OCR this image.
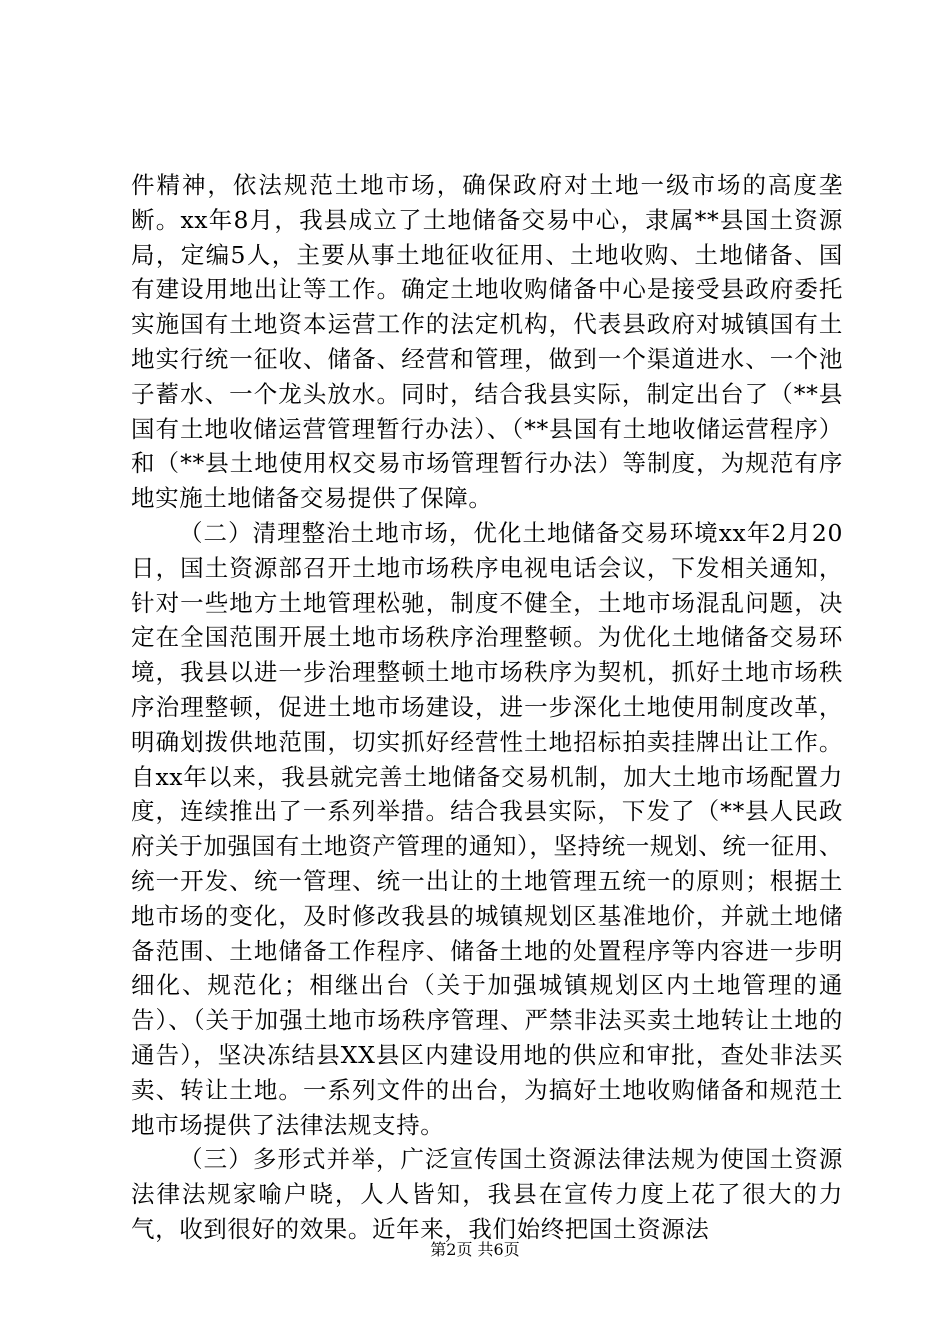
件精神，依法规范土地市场，确保政府对土地一级市场的高度垄断。xx年8月，我县成立了土地储备交易中心，隶属**县国土资源局，定编5人，主要从事土地征收征用、土地收购、土地储备、国有建设用地出让等工作。确定土地收购储备中心是接受县政府委托实施国有土地资本运营工作的法定机构，代表县政府对城镇国有土地实行统一征收、储备、经营和管理，做到一个渠道进水、一个池子蓄水、一个龙头放水。同时，结合我县实际，制定出台了（**县国有土地收储运营管理暂行办法）、（**县国有土地收储运营程序）和（**县土地使用权交易市场管理暂行办法）等制度，为规范有序地实施土地储备交易提供了保障。

（二）清理整治土地市场，优化土地储备交易环境xx年2月20日，国土资源部召开土地市场秩序电视电话会议，下发相关通知，针对一些地方土地管理松驰，制度不健全，土地市场混乱问题，决定在全国范围开展土地市场秩序治理整顿。为优化土地储备交易环境，我县以进一步治理整顿土地市场秩序为契机，抓好土地市场秩序治理整顿，促进土地市场建设，进一步深化土地使用制度改革，明确划拨供地范围，切实抓好经营性土地招标拍卖挂牌出让工作。自xx年以来，我县就完善土地储备交易机制，加大土地市场配置力度，连续推出了一系列举措。结合我县实际，下发了（**县人民政府关于加强国有土地资产管理的通知），坚持统一规划、统一征用、统一开发、统一管理、统一出让的土地管理五统一的原则；根据土地市场的变化，及时修改我县的城镇规划区基准地价，并就土地储备范围、土地储备工作程序、储备土地的处置程序等内容进一步明细化、规范化；相继出台（关于加强城镇规划区内土地管理的通告）、（关于加强土地市场秩序管理、严禁非法买卖土地转让土地的通告），坚决冻结县XX县区内建设用地的供应和审批，查处非法买卖、转让土地。一系列文件的出台，为搞好土地收购储备和规范土地市场提供了法律法规支持。

（三）多形式并举，广泛宣传国土资源法律法规为使国土资源法律法规家喻户晓，人人皆知，我县在宣传力度上花了很大的力气，收到很好的效果。近年来，我们始终把国土资源法

第2页 共6页
